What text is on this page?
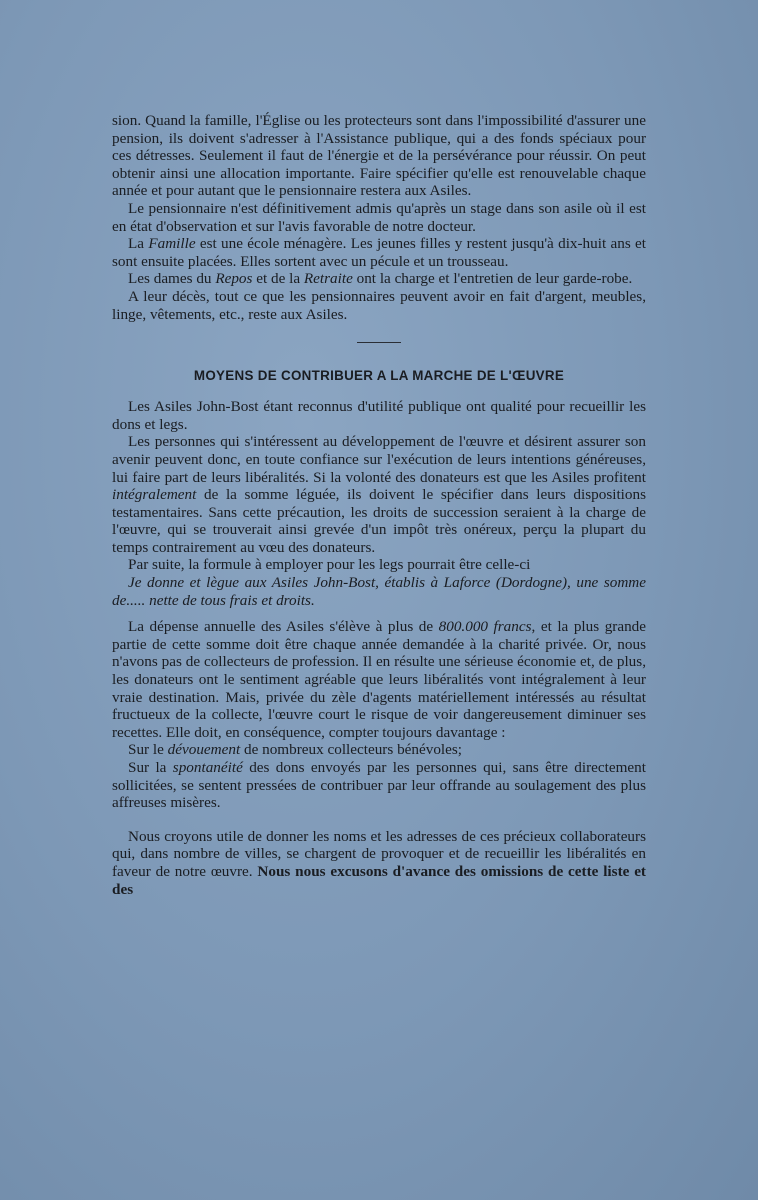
sion. Quand la famille, l'Église ou les protecteurs sont dans l'impossibilité d'assurer une pension, ils doivent s'adresser à l'Assistance publique, qui a des fonds spéciaux pour ces détresses. Seulement il faut de l'énergie et de la persévérance pour réussir. On peut obtenir ainsi une allocation importante. Faire spécifier qu'elle est renouvelable chaque année et pour autant que le pensionnaire restera aux Asiles.

Le pensionnaire n'est définitivement admis qu'après un stage dans son asile où il est en état d'observation et sur l'avis favorable de notre docteur.

La Famille est une école ménagère. Les jeunes filles y restent jusqu'à dix-huit ans et sont ensuite placées. Elles sortent avec un pécule et un trousseau.

Les dames du Repos et de la Retraite ont la charge et l'entretien de leur garde-robe.

A leur décès, tout ce que les pensionnaires peuvent avoir en fait d'argent, meubles, linge, vêtements, etc., reste aux Asiles.

MOYENS DE CONTRIBUER A LA MARCHE DE L'ŒUVRE

Les Asiles John-Bost étant reconnus d'utilité publique ont qualité pour recueillir les dons et legs.

Les personnes qui s'intéressent au développement de l'œuvre et désirent assurer son avenir peuvent donc, en toute confiance sur l'exécution de leurs intentions généreuses, lui faire part de leurs libéralités. Si la volonté des donateurs est que les Asiles profitent intégralement de la somme léguée, ils doivent le spécifier dans leurs dispositions testamentaires. Sans cette précaution, les droits de succession seraient à la charge de l'œuvre, qui se trouverait ainsi grevée d'un impôt très onéreux, perçu la plupart du temps contrairement au vœu des donateurs.

Par suite, la formule à employer pour les legs pourrait être celle-ci

Je donne et lègue aux Asiles John-Bost, établis à Laforce (Dordogne), une somme de..... nette de tous frais et droits.

La dépense annuelle des Asiles s'élève à plus de 800.000 francs, et la plus grande partie de cette somme doit être chaque année demandée à la charité privée. Or, nous n'avons pas de collecteurs de profession. Il en résulte une sérieuse économie et, de plus, les donateurs ont le sentiment agréable que leurs libéralités vont intégralement à leur vraie destination. Mais, privée du zèle d'agents matériellement intéressés au résultat fructueux de la collecte, l'œuvre court le risque de voir dangereusement diminuer ses recettes. Elle doit, en conséquence, compter toujours davantage :

Sur le dévouement de nombreux collecteurs bénévoles;

Sur la spontanéité des dons envoyés par les personnes qui, sans être directement sollicitées, se sentent pressées de contribuer par leur offrande au soulagement des plus affreuses misères.

Nous croyons utile de donner les noms et les adresses de ces précieux collaborateurs qui, dans nombre de villes, se chargent de provoquer et de recueillir les libéralités en faveur de notre œuvre. Nous nous excusons d'avance des omissions de cette liste et des
